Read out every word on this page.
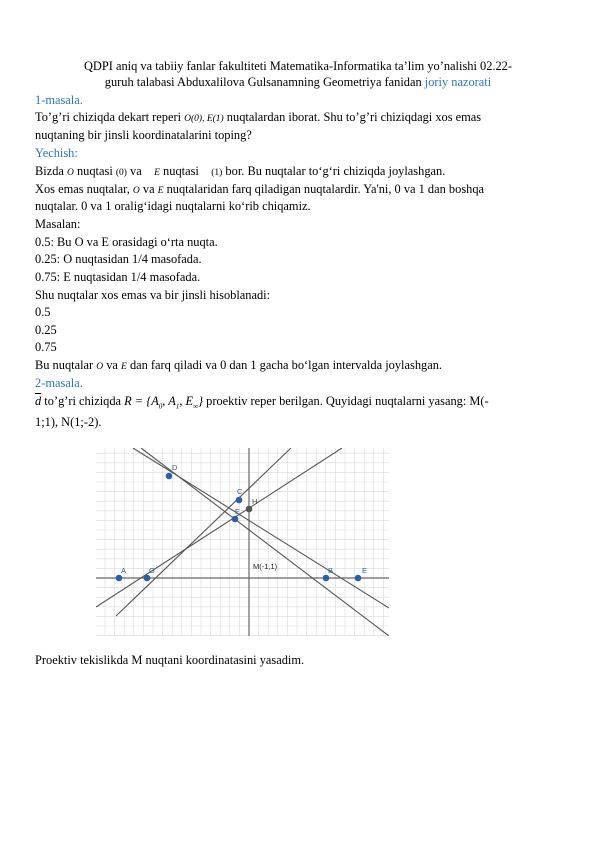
QDPI aniq va tabiiy fanlar fakultiteti Matematika-Informatika ta’lim yo’nalishi 02.22-
guruh talabasi Abduxalilova Gulsanamning Geometriya fanidan joriy nazorati
1-masala.
To’g’ri chiziqda dekart reperi O(0), E(1) nuqtalardan iborat. Shu to’g’ri chiziqdagi xos emas
nuqtaning bir jinsli koordinatalarini toping?
Yechish:
Bizda O nuqtasi (0) va    E nuqtasi    (1) bor. Bu nuqtalar to‘g‘ri chiziqda joylashgan.
Xos emas nuqtalar, O va E nuqtalaridan farq qiladigan nuqtalardir. Ya'ni, 0 va 1 dan boshqa
nuqtalar. 0 va 1 oralig‘idagi nuqtalarni ko‘rib chiqamiz.
Masalan:
0.5: Bu O va E orasidagi o‘rta nuqta.
0.25: O nuqtasidan 1/4 masofada.
0.75: E nuqtasidan 1/4 masofada.
Shu nuqtalar xos emas va bir jinsli hisoblanadi:
0.5
0.25
0.75
Bu nuqtalar O va E dan farq qiladi va 0 dan 1 gacha bo‘lgan intervalda joylashgan.
2-masala.
$\overline{d}$ to’g’ri chiziqda $R = \{A_0$, $A_1$, $E_\infty$} proektiv reper berilgan. Quyidagi nuqtalarni yasang: M(-
1;1), N(1;-2).
D
C
H
F
A	G	M(-1,1)	B	E
Proektiv tekislikda M nuqtani koordinatasini yasadim.
